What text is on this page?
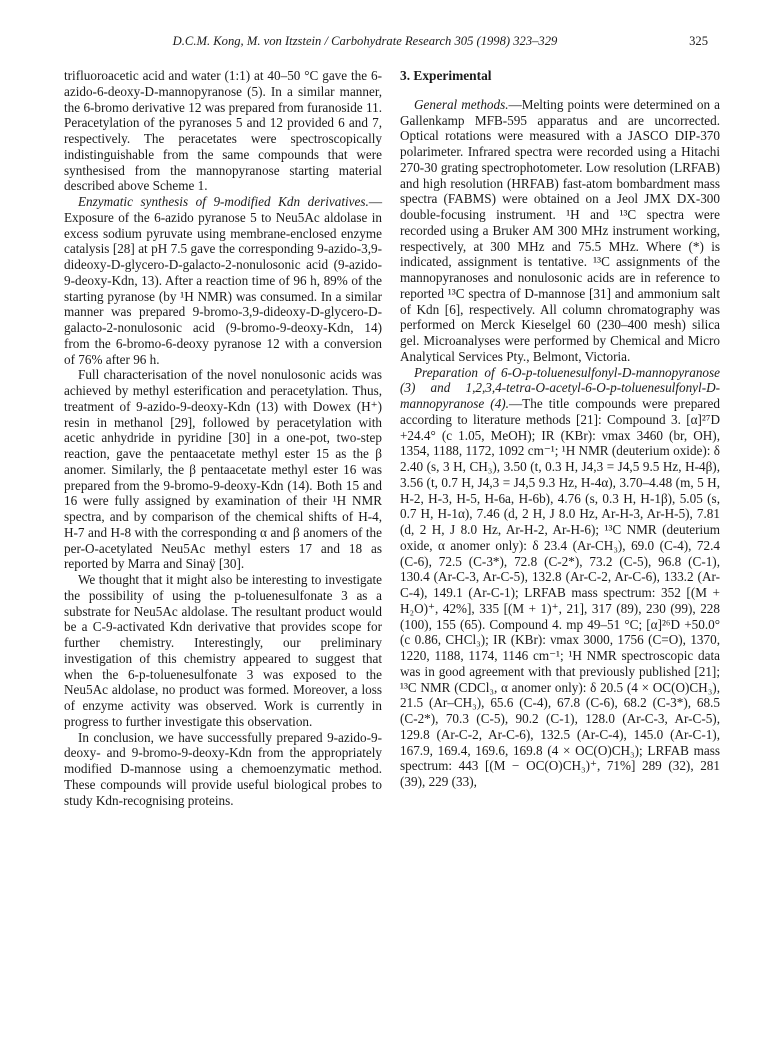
D.C.M. Kong, M. von Itzstein / Carbohydrate Research 305 (1998) 323–329	325

trifluoroacetic acid and water (1:1) at 40–50 °C gave the 6-azido-6-deoxy-D-mannopyranose (5). In a similar manner, the 6-bromo derivative 12 was prepared from furanoside 11. Peracetylation of the pyranoses 5 and 12 provided 6 and 7, respectively. The peracetates were spectroscopically indistinguishable from the same compounds that were synthesised from the mannopyranose starting material described above Scheme 1.

Enzymatic synthesis of 9-modified Kdn derivatives.—Exposure of the 6-azido pyranose 5 to Neu5Ac aldolase in excess sodium pyruvate using membrane-enclosed enzyme catalysis [28] at pH 7.5 gave the corresponding 9-azido-3,9-dideoxy-D-glycero-D-galacto-2-nonulosonic acid (9-azido-9-deoxy-Kdn, 13). After a reaction time of 96 h, 89% of the starting pyranose (by ¹H NMR) was consumed. In a similar manner was prepared 9-bromo-3,9-dideoxy-D-glycero-D-galacto-2-nonulosonic acid (9-bromo-9-deoxy-Kdn, 14) from the 6-bromo-6-deoxy pyranose 12 with a conversion of 76% after 96 h.

Full characterisation of the novel nonulosonic acids was achieved by methyl esterification and peracetylation. Thus, treatment of 9-azido-9-deoxy-Kdn (13) with Dowex (H⁺) resin in methanol [29], followed by peracetylation with acetic anhydride in pyridine [30] in a one-pot, two-step reaction, gave the pentaacetate methyl ester 15 as the β anomer. Similarly, the β pentaacetate methyl ester 16 was prepared from the 9-bromo-9-deoxy-Kdn (14). Both 15 and 16 were fully assigned by examination of their ¹H NMR spectra, and by comparison of the chemical shifts of H-4, H-7 and H-8 with the corresponding α and β anomers of the per-O-acetylated Neu5Ac methyl esters 17 and 18 as reported by Marra and Sinaÿ [30].

We thought that it might also be interesting to investigate the possibility of using the p-toluenesulfonate 3 as a substrate for Neu5Ac aldolase. The resultant product would be a C-9-activated Kdn derivative that provides scope for further chemistry. Interestingly, our preliminary investigation of this chemistry appeared to suggest that when the 6-p-toluenesulfonate 3 was exposed to the Neu5Ac aldolase, no product was formed. Moreover, a loss of enzyme activity was observed. Work is currently in progress to further investigate this observation.

In conclusion, we have successfully prepared 9-azido-9-deoxy- and 9-bromo-9-deoxy-Kdn from the appropriately modified D-mannose using a chemoenzymatic method. These compounds will provide useful biological probes to study Kdn-recognising proteins.

3. Experimental

General methods.—Melting points were determined on a Gallenkamp MFB-595 apparatus and are uncorrected. Optical rotations were measured with a JASCO DIP-370 polarimeter. Infrared spectra were recorded using a Hitachi 270-30 grating spectrophotometer. Low resolution (LRFAB) and high resolution (HRFAB) fast-atom bombardment mass spectra (FABMS) were obtained on a Jeol JMX DX-300 double-focusing instrument. ¹H and ¹³C spectra were recorded using a Bruker AM 300 MHz instrument working, respectively, at 300 MHz and 75.5 MHz. Where (*) is indicated, assignment is tentative. ¹³C assignments of the mannopyranoses and nonulosonic acids are in reference to reported ¹³C spectra of D-mannose [31] and ammonium salt of Kdn [6], respectively. All column chromatography was performed on Merck Kieselgel 60 (230–400 mesh) silica gel. Microanalyses were performed by Chemical and Micro Analytical Services Pty., Belmont, Victoria.

Preparation of 6-O-p-toluenesulfonyl-D-mannopyranose (3) and 1,2,3,4-tetra-O-acetyl-6-O-p-toluenesulfonyl-D-mannopyranose (4).—The title compounds were prepared according to literature methods [21]: Compound 3. [α]²⁷D +24.4° (c 1.05, MeOH); IR (KBr): νmax 3460 (br, OH), 1354, 1188, 1172, 1092 cm⁻¹; ¹H NMR (deuterium oxide): δ 2.40 (s, 3 H, CH₃), 3.50 (t, 0.3 H, J4,3 = J4,5 9.5 Hz, H-4β), 3.56 (t, 0.7 H, J4,3 = J4,5 9.3 Hz, H-4α), 3.70–4.48 (m, 5 H, H-2, H-3, H-5, H-6a, H-6b), 4.76 (s, 0.3 H, H-1β), 5.05 (s, 0.7 H, H-1α), 7.46 (d, 2 H, J 8.0 Hz, Ar-H-3, Ar-H-5), 7.81 (d, 2 H, J 8.0 Hz, Ar-H-2, Ar-H-6); ¹³C NMR (deuterium oxide, α anomer only): δ 23.4 (Ar-CH₃), 69.0 (C-4), 72.4 (C-6), 72.5 (C-3*), 72.8 (C-2*), 73.2 (C-5), 96.8 (C-1), 130.4 (Ar-C-3, Ar-C-5), 132.8 (Ar-C-2, Ar-C-6), 133.2 (Ar-C-4), 149.1 (Ar-C-1); LRFAB mass spectrum: 352 [(M + H₂O)⁺, 42%], 335 [(M + 1)⁺, 21], 317 (89), 230 (99), 228 (100), 155 (65). Compound 4. mp 49–51 °C; [α]²⁶D +50.0° (c 0.86, CHCl₃); IR (KBr): νmax 3000, 1756 (C=O), 1370, 1220, 1188, 1174, 1146 cm⁻¹; ¹H NMR spectroscopic data was in good agreement with that previously published [21]; ¹³C NMR (CDCl₃, α anomer only): δ 20.5 (4 × OC(O)CH₃), 21.5 (Ar–CH₃), 65.6 (C-4), 67.8 (C-6), 68.2 (C-3*), 68.5 (C-2*), 70.3 (C-5), 90.2 (C-1), 128.0 (Ar-C-3, Ar-C-5), 129.8 (Ar-C-2, Ar-C-6), 132.5 (Ar-C-4), 145.0 (Ar-C-1), 167.9, 169.4, 169.6, 169.8 (4 × OC(O)CH₃); LRFAB mass spectrum: 443 [(M − OC(O)CH₃)⁺, 71%] 289 (32), 281 (39), 229 (33),
